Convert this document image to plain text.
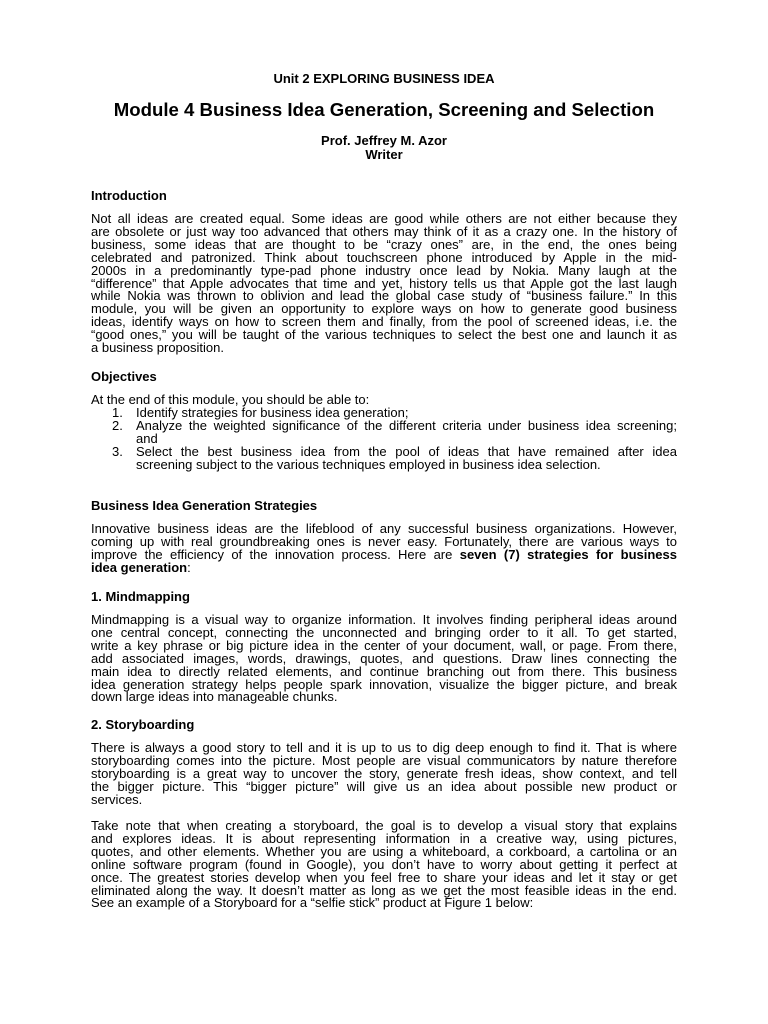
Unit 2 EXPLORING BUSINESS IDEA
Module 4 Business Idea Generation, Screening and Selection
Prof. Jeffrey M. Azor
Writer
Introduction
Not all ideas are created equal. Some ideas are good while others are not either because they
are obsolete or just way too advanced that others may think of it as a crazy one. In the history of
business, some ideas that are thought to be “crazy ones” are, in the end, the ones being
celebrated and patronized. Think about touchscreen phone introduced by Apple in the mid-
2000s in a predominantly type-pad phone industry once lead by Nokia. Many laugh at the
“difference” that Apple advocates that time and yet, history tells us that Apple got the last laugh
while Nokia was thrown to oblivion and lead the global case study of “business failure.” In this
module, you will be given an opportunity to explore ways on how to generate good business
ideas, identify ways on how to screen them and finally, from the pool of screened ideas, i.e. the
“good ones,” you will be taught of the various techniques to select the best one and launch it as
a business proposition.
Objectives
At the end of this module, you should be able to:
1. Identify strategies for business idea generation;
2. Analyze the weighted significance of the different criteria under business idea screening;
and
3. Select the best business idea from the pool of ideas that have remained after idea
screening subject to the various techniques employed in business idea selection.
Business Idea Generation Strategies
Innovative business ideas are the lifeblood of any successful business organizations. However,
coming up with real groundbreaking ones is never easy. Fortunately, there are various ways to
improve the efficiency of the innovation process. Here are seven (7) strategies for business
idea generation:
1. Mindmapping
Mindmapping is a visual way to organize information. It involves finding peripheral ideas around
one central concept, connecting the unconnected and bringing order to it all. To get started,
write a key phrase or big picture idea in the center of your document, wall, or page. From there,
add associated images, words, drawings, quotes, and questions. Draw lines connecting the
main idea to directly related elements, and continue branching out from there. This business
idea generation strategy helps people spark innovation, visualize the bigger picture, and break
down large ideas into manageable chunks.
2. Storyboarding
There is always a good story to tell and it is up to us to dig deep enough to find it. That is where
storyboarding comes into the picture. Most people are visual communicators by nature therefore
storyboarding is a great way to uncover the story, generate fresh ideas, show context, and tell
the bigger picture. This “bigger picture” will give us an idea about possible new product or
services.
Take note that when creating a storyboard, the goal is to develop a visual story that explains
and explores ideas. It is about representing information in a creative way, using pictures,
quotes, and other elements. Whether you are using a whiteboard, a corkboard, a cartolina or an
online software program (found in Google), you don’t have to worry about getting it perfect at
once. The greatest stories develop when you feel free to share your ideas and let it stay or get
eliminated along the way. It doesn’t matter as long as we get the most feasible ideas in the end.
See an example of a Storyboard for a “selfie stick” product at Figure 1 below:
